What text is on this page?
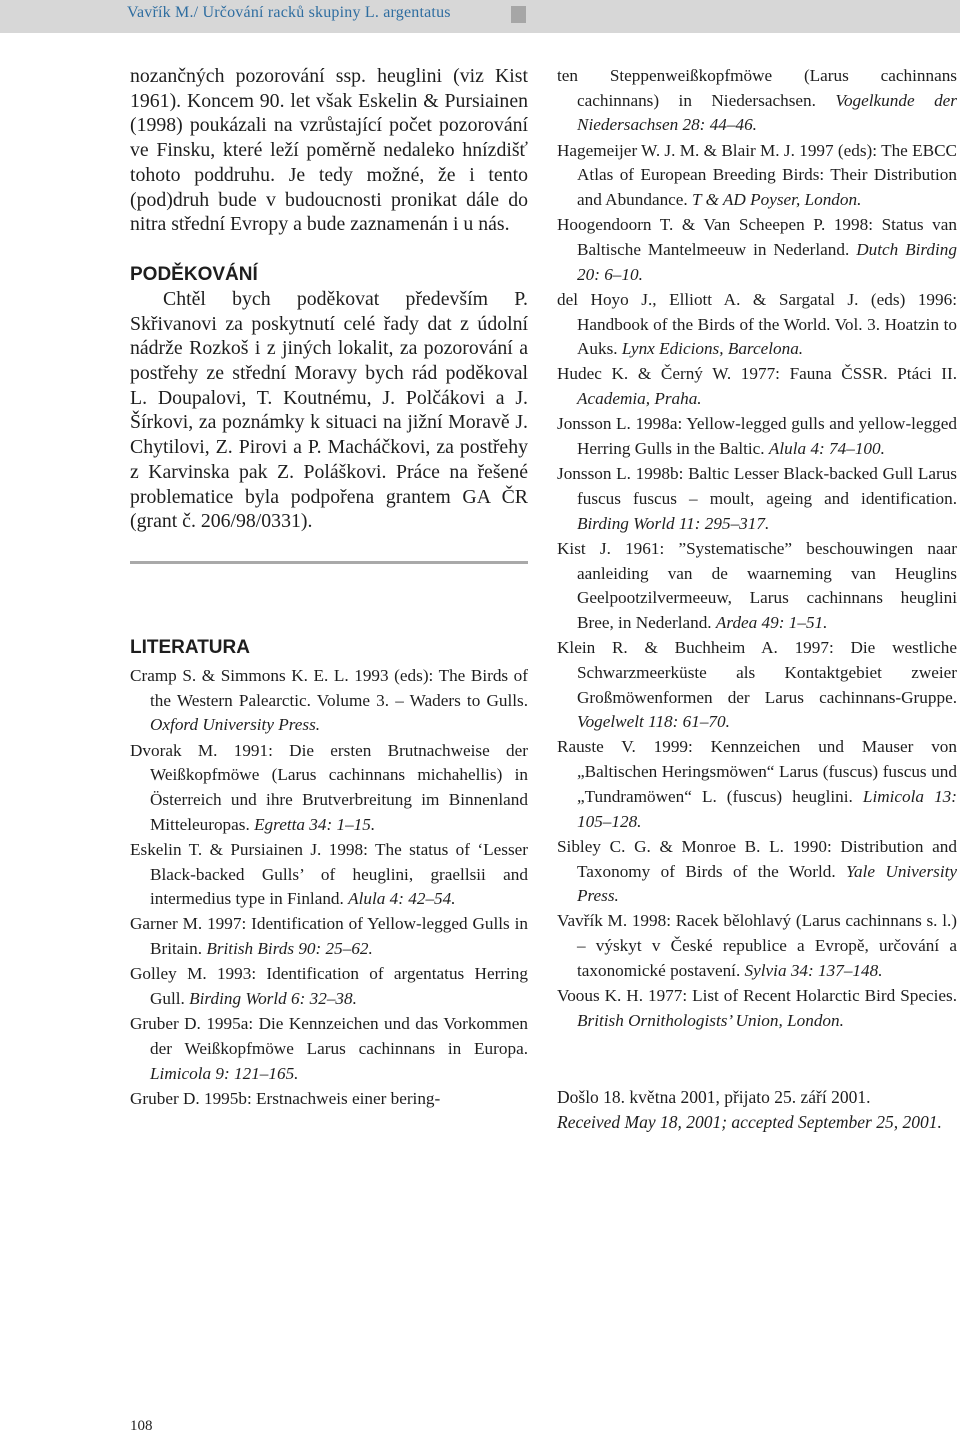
Vavřík M./ Určování racků skupiny L. argentatus

nozančných pozorování ssp. heuglini (viz Kist 1961). Koncem 90. let však Eskelin & Pursiainen (1998) poukázali na vzrůstající počet pozorování ve Finsku, které leží poměrně nedaleko hnízdišť tohoto poddruhu. Je tedy možné, že i tento (pod)druh bude v budoucnosti pronikat dále do nitra střední Evropy a bude zaznamenán i u nás.

PODĚKOVÁNÍ

Chtěl bych poděkovat především P. Skřivanovi za poskytnutí celé řady dat z údolní nádrže Rozkoš i z jiných lokalit, za pozorování a postřehy ze střední Moravy bych rád poděkoval L. Doupalovi, T. Koutnému, J. Polčákovi a J. Šírkovi, za poznámky k situaci na jižní Moravě J. Chytilovi, Z. Pirovi a P. Macháčkovi, za postřehy z Karvinska pak Z. Poláškovi. Práce na řešené problematice byla podpořena grantem GA ČR (grant č. 206/98/0331).

LITERATURA

Cramp S. & Simmons K. E. L. 1993 (eds): The Birds of the Western Palearctic. Volume 3. – Waders to Gulls. Oxford University Press.

Dvorak M. 1991: Die ersten Brutnachweise der Weißkopfmöwe (Larus cachinnans michahellis) in Österreich und ihre Brutverbreitung im Binnenland Mitteleuropas. Egretta 34: 1–15.

Eskelin T. & Pursiainen J. 1998: The status of ‘Lesser Black-backed Gulls’ of heuglini, graellsii and intermedius type in Finland. Alula 4: 42–54.

Garner M. 1997: Identification of Yellow-legged Gulls in Britain. British Birds 90: 25–62.

Golley M. 1993: Identification of argentatus Herring Gull. Birding World 6: 32–38.

Gruber D. 1995a: Die Kennzeichen und das Vorkommen der Weißkopfmöwe Larus cachinnans in Europa. Limicola 9: 121–165.

Gruber D. 1995b: Erstnachweis einer bering-

ten Steppenweißkopfmöwe (Larus cachinnans cachinnans) in Niedersachsen. Vogelkunde der Niedersachsen 28: 44–46.

Hagemeijer W. J. M. & Blair M. J. 1997 (eds): The EBCC Atlas of European Breeding Birds: Their Distribution and Abundance. T & AD Poyser, London.

Hoogendoorn T. & Van Scheepen P. 1998: Status van Baltische Mantelmeeuw in Nederland. Dutch Birding 20: 6–10.

del Hoyo J., Elliott A. & Sargatal J. (eds) 1996: Handbook of the Birds of the World. Vol. 3. Hoatzin to Auks. Lynx Edicions, Barcelona.

Hudec K. & Černý W. 1977: Fauna ČSSR. Ptáci II. Academia, Praha.

Jonsson L. 1998a: Yellow-legged gulls and yellow-legged Herring Gulls in the Baltic. Alula 4: 74–100.

Jonsson L. 1998b: Baltic Lesser Black-backed Gull Larus fuscus fuscus – moult, ageing and identification. Birding World 11: 295–317.

Kist J. 1961: ”Systematische” beschouwingen naar aanleiding van de waarneming van Heuglins Geelpootzilvermeeuw, Larus cachinnans heuglini Bree, in Nederland. Ardea 49: 1–51.

Klein R. & Buchheim A. 1997: Die westliche Schwarzmeerküste als Kontaktgebiet zweier Großmöwenformen der Larus cachinnans-Gruppe. Vogelwelt 118: 61–70.

Rauste V. 1999: Kennzeichen und Mauser von „Baltischen Heringsmöwen“ Larus (fuscus) fuscus und „Tundramöwen“ L. (fuscus) heuglini. Limicola 13: 105–128.

Sibley C. G. & Monroe B. L. 1990: Distribution and Taxonomy of Birds of the World. Yale University Press.

Vavřík M. 1998: Racek bělohlavý (Larus cachinnans s. l.) – výskyt v České republice a Evropě, určování a taxonomické postavení. Sylvia 34: 137–148.

Voous K. H. 1977: List of Recent Holarctic Bird Species. British Ornithologists’ Union, London.

Došlo 18. května 2001, přijato 25. září 2001.

Received May 18, 2001; accepted September 25, 2001.

108
